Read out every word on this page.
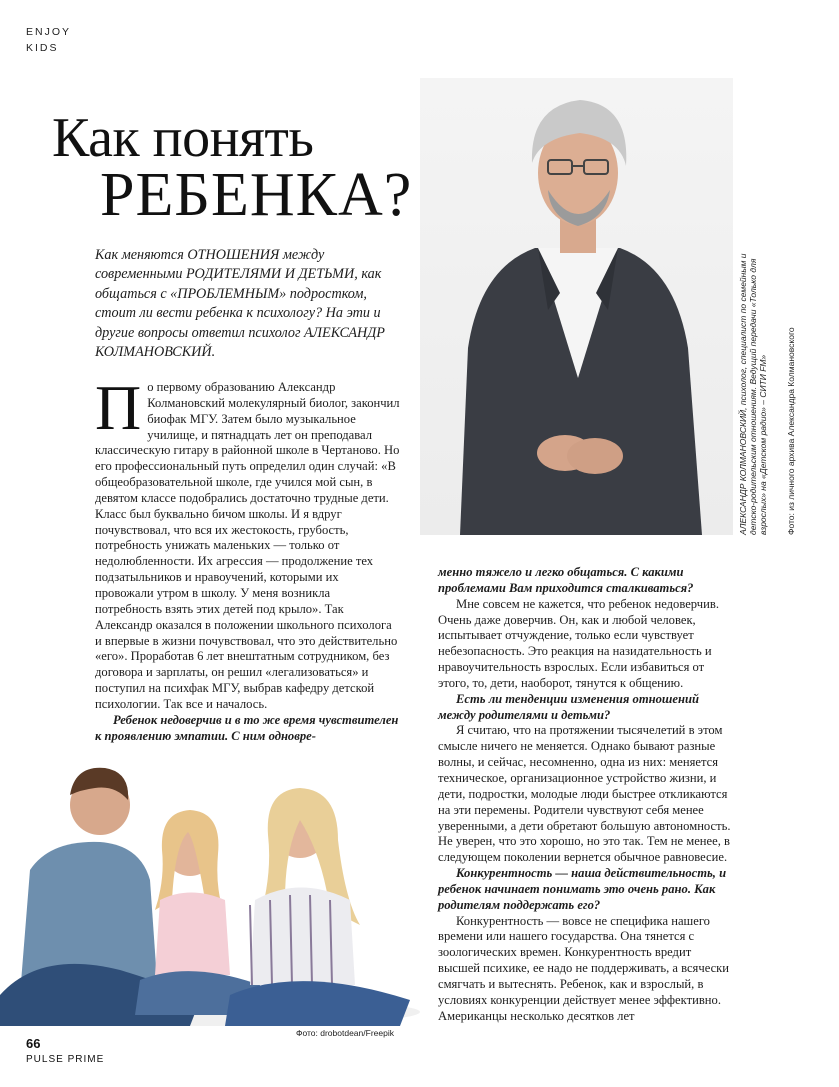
ENJOY
KIDS
Как понять
РЕБЕНКА?
Как меняются ОТНОШЕНИЯ между современными РОДИТЕЛЯМИ И ДЕТЬМИ, как общаться с «ПРОБЛЕМНЫМ» подростком, стоит ли вести ребенка к психологу? На эти и другие вопросы ответил психолог АЛЕКСАНДР КОЛМАНОВСКИЙ.	АЛЕКСАНДР КОЛМАНОВСКИЙ, психолог, специалист по семейным и детско-родительским отношениям. Ведущий передачи «Только для взрослых» на «Детском радио» – СИТИ FM» Фото: из личного архива Александра Колмановского

П о первому образованию Александр Колмановский молекулярный биолог, закончил биофак МГУ. Затем было музыкальное училище, и пятнадцать лет он преподавал классическую гитару в районной школе в Чертаново. Но его профессиональный путь определил один случай: «В общеобразовательной школе, где учился мой сын, в девятом классе подобрались достаточно трудные дети. Класс был буквально бичом школы. И я вдруг почувствовал, что вся их жестокость, грубость, потребность унижать маленьких — только от недолюбленности. Их агрессия — продолжение тех подзатыльников и нравоучений, которыми их провожали утром в школу. У меня возникла потребность взять этих детей под крыло». Так Александр оказался в положении школьного психолога и впервые в жизни почувствовал, что это действительно «его». Проработав 6 лет внештатным сотрудником, без договора и зарплаты, он решил «легализоваться» и поступил на психфак МГУ, выбрав кафедру детской психологии. Так все и началось.

Ребенок недоверчив и в то же время чувствителен к проявлению эмпатии. С ним одновре-

менно тяжело и легко общаться. С какими проблемами Вам приходится сталкиваться?

Мне совсем не кажется, что ребенок недоверчив. Очень даже доверчив. Он, как и любой человек, испытывает отчуждение, только если чувствует небезопасность. Это реакция на назидательность и нравоучительность взрослых. Если избавиться от этого, то, дети, наоборот, тянутся к общению.

Есть ли тенденции изменения отношений между родителями и детьми?

Я считаю, что на протяжении тысячелетий в этом смысле ничего не меняется. Однако бывают разные волны, и сейчас, несомненно, одна из них: меняется техническое, организационное устройство жизни, и дети, подростки, молодые люди быстрее откликаются на эти перемены. Родители чувствуют себя менее уверенными, а дети обретают большую автономность. Не уверен, что это хорошо, но это так. Тем не менее, в следующем поколении вернется обычное равновесие.

Конкурентность — наша действительность, и ребенок начинает понимать это очень рано. Как родителям поддержать его?

Конкурентность — вовсе не специфика нашего времени или нашего государства. Она тянется с зоологических времен. Конкурентность вредит высшей психике, ее надо не поддерживать, а всячески смягчать и вытеснять. Ребенок, как и взрослый, в условиях конкуренции действует менее эффективно. Американцы несколько десятков лет

Фото: drobotdean/Freepik
66
PULSE PRIME
